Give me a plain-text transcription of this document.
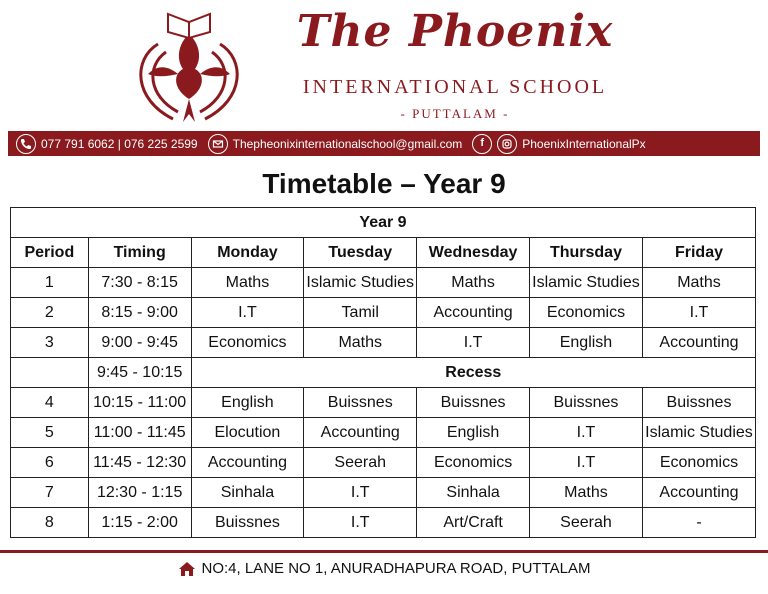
The Phoenix
INTERNATIONAL SCHOOL
- PUTTALAM -
077 791 6062 | 076 225 2599	Thepheonixinternationalschool@gmail.com	f	PhoenixInternationalPx
Timetable – Year 9
Year 9						
Period	Timing	Monday	Tuesday	Wednesday	Thursday	Friday
1	7:30 - 8:15	Maths	Islamic Studies	Maths	Islamic Studies	Maths
2	8:15 - 9:00	I.T	Tamil	Accounting	Economics	I.T
3	9:00 - 9:45	Economics	Maths	I.T	English	Accounting
	9:45 - 10:15	Recess				
4	10:15 - 11:00	English	Buissnes	Buissnes	Buissnes	Buissnes
5	11:00 - 11:45	Elocution	Accounting	English	I.T	Islamic Studies
6	11:45 - 12:30	Accounting	Seerah	Economics	I.T	Economics
7	12:30 - 1:15	Sinhala	I.T	Sinhala	Maths	Accounting
8	1:15 - 2:00	Buissnes	I.T	Art/Craft	Seerah	-
NO:4, LANE NO 1, ANURADHAPURA ROAD, PUTTALAM
